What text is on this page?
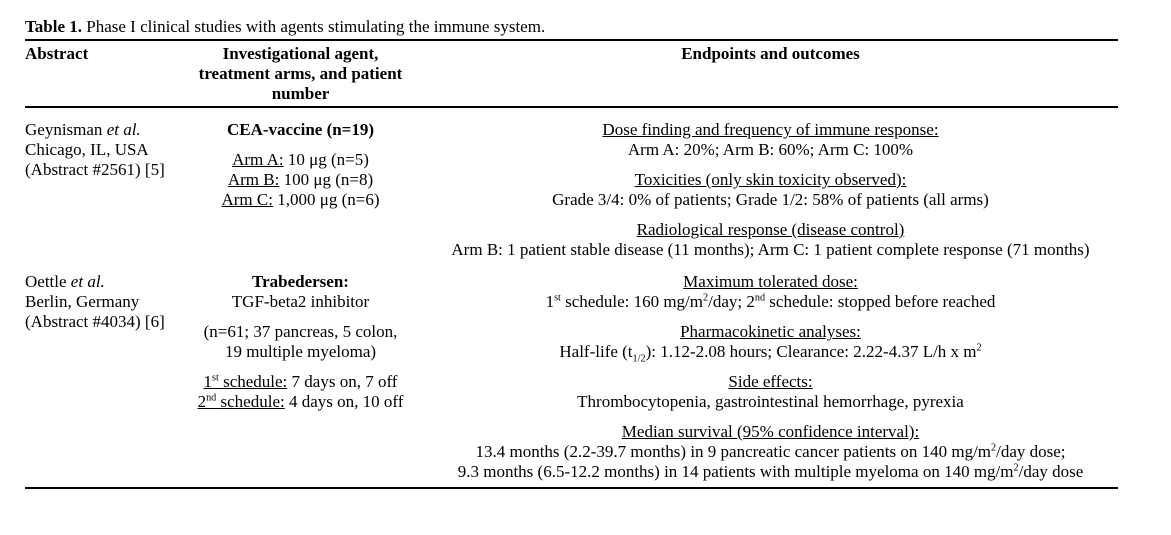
Table 1. Phase I clinical studies with agents stimulating the immune system.
Abstract	Investigational agent,
treatment arms, and patient
number
Endpoints and outcomes
Geynisman et al.
Chicago, IL, USA
(Abstract #2561) [5]
CEA-vaccine (n=19)
Arm A: 10 μg (n=5)
Arm B: 100 μg (n=8)
Arm C: 1,000 μg (n=6)
Dose finding and frequency of immune response:
Arm A: 20%; Arm B: 60%; Arm C: 100%
Toxicities (only skin toxicity observed):
Grade 3/4: 0% of patients; Grade 1/2: 58% of patients (all arms)
Radiological response (disease control)
Arm B: 1 patient stable disease (11 months); Arm C: 1 patient complete response (71 months)
Oettle et al.
Berlin, Germany
(Abstract #4034) [6]
Trabedersen:
TGF-beta2 inhibitor
(n=61; 37 pancreas, 5 colon,
19 multiple myeloma)
1st schedule: 7 days on, 7 off
2nd schedule: 4 days on, 10 off
Maximum tolerated dose:
1st schedule: 160 $mg/m^2$/day; 2nd schedule: stopped before reached
Pharmacokinetic analyses:
Half-life $(t_{1/2})$: 1.12-2.08 hours; Clearance: 2.22-4.37 L/h x $m^2$
Side effects:
Thrombocytopenia, gastrointestinal hemorrhage, pyrexia
Median survival (95% confidence interval):
13.4 months (2.2-39.7 months) in 9 pancreatic cancer patients on 140 $mg/m^2$/day dose;
9.3 months (6.5-12.2 months) in 14 patients with multiple myeloma on 140 $mg/m^2$/day dose
